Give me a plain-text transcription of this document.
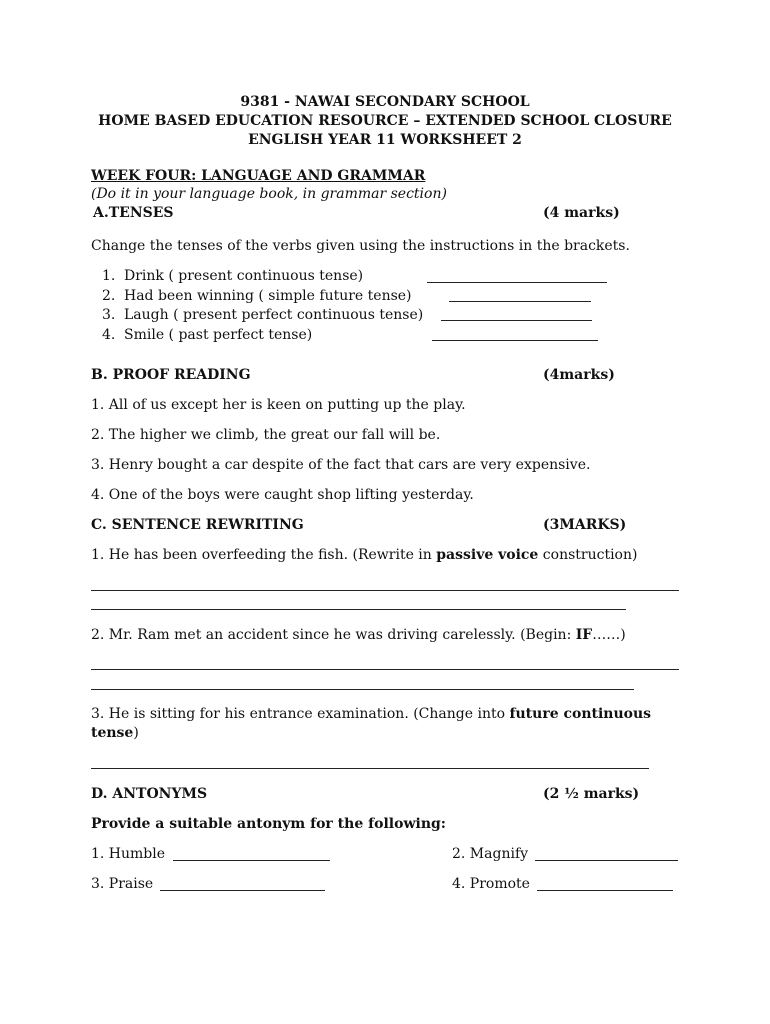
9381 - NAWAI SECONDARY SCHOOL
HOME BASED EDUCATION RESOURCE – EXTENDED SCHOOL CLOSURE
ENGLISH YEAR 11 WORKSHEET 2
WEEK FOUR: LANGUAGE AND GRAMMAR
(Do it in your language book, in grammar section)
A.TENSES	(4 marks)
Change the tenses of the verbs given using the instructions in the brackets.
1. Drink ( present continuous tense)
2. Had been winning ( simple future tense)
3. Laugh ( present perfect continuous tense)
4. Smile ( past perfect tense)
B. PROOF READING	(4marks)
1. All of us except her is keen on putting up the play.
2. The higher we climb, the great our fall will be.
3. Henry bought a car despite of the fact that cars are very expensive.
4. One of the boys were caught shop lifting yesterday.
C. SENTENCE REWRITING	(3MARKS)
1. He has been overfeeding the fish. (Rewrite in passive voice construction)
2. Mr. Ram met an accident since he was driving carelessly. (Begin: IF……)
3. He is sitting for his entrance examination. (Change into future continuous
tense)
D. ANTONYMS	(2 ½ marks)
Provide a suitable antonym for the following:
1. Humble	2. Magnify
3. Praise	4. Promote
